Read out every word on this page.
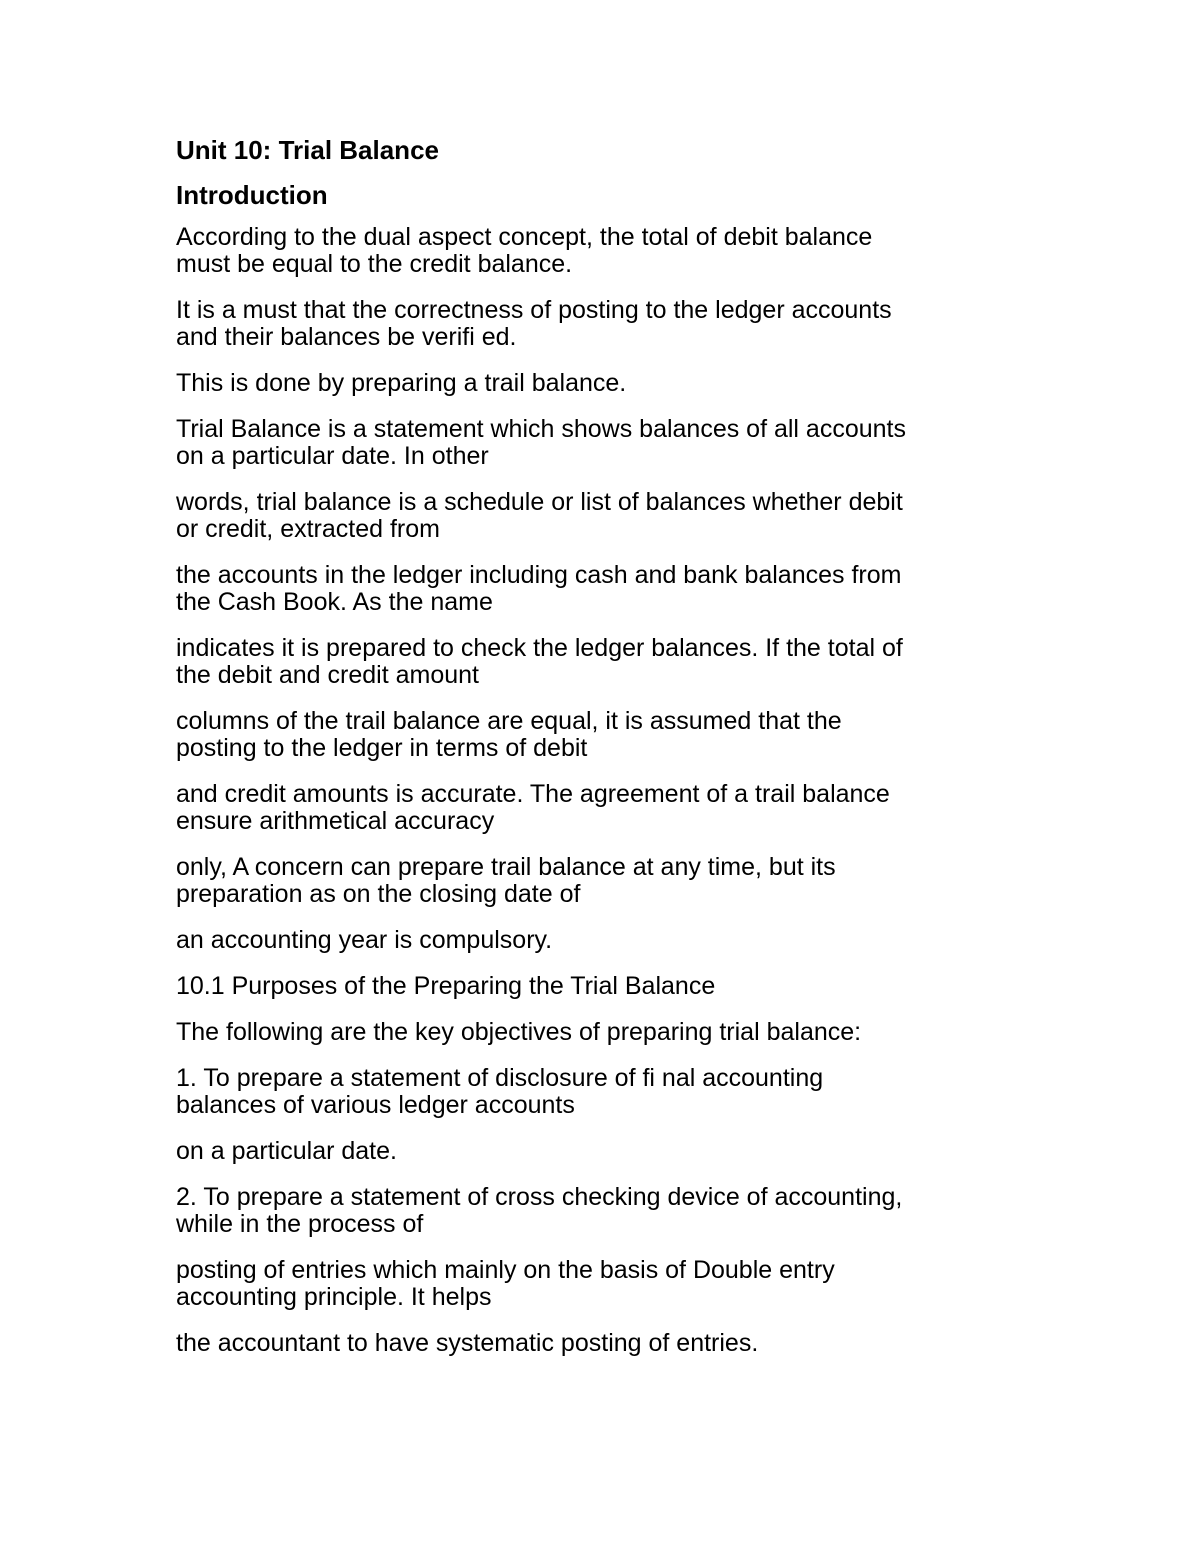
Unit 10: Trial Balance
Introduction
According to the dual aspect concept, the total of debit balance
must be equal to the credit balance.
It is a must that the correctness of posting to the ledger accounts
and their balances be verifi ed.
This is done by preparing a trail balance.
Trial Balance is a statement which shows balances of all accounts
on a particular date. In other
words, trial balance is a schedule or list of balances whether debit
or credit, extracted from
the accounts in the ledger including cash and bank balances from
the Cash Book. As the name
indicates it is prepared to check the ledger balances. If the total of
the debit and credit amount
columns of the trail balance are equal, it is assumed that the
posting to the ledger in terms of debit
and credit amounts is accurate. The agreement of a trail balance
ensure arithmetical accuracy
only, A concern can prepare trail balance at any time, but its
preparation as on the closing date of
an accounting year is compulsory.
10.1 Purposes of the Preparing the Trial Balance
The following are the key objectives of preparing trial balance:
1. To prepare a statement of disclosure of fi nal accounting
balances of various ledger accounts
on a particular date.
2. To prepare a statement of cross checking device of accounting,
while in the process of
posting of entries which mainly on the basis of Double entry
accounting principle. It helps
the accountant to have systematic posting of entries.
